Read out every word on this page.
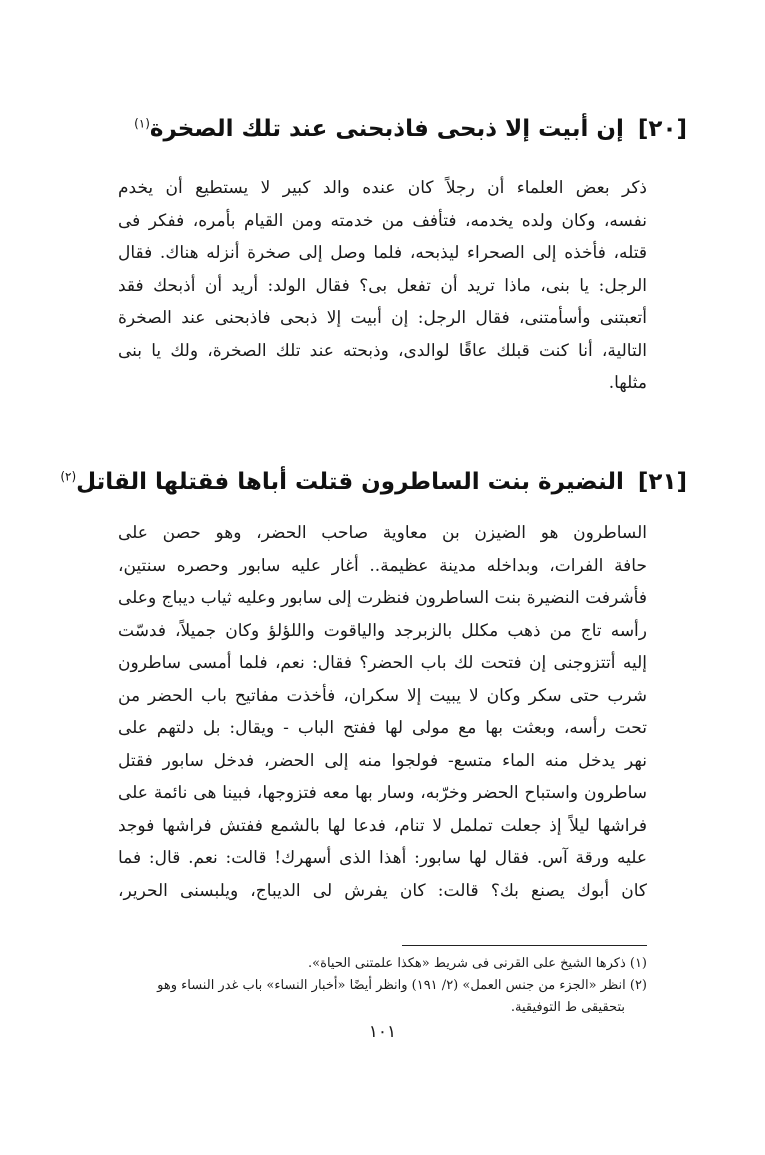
[٢٠] إن أبيت إلا ذبحى فاذبحنى عند تلك الصخرة$^{(١)}$

ذكر بعض العلماء أن رجلاً كان عنده والد كبير لا يستطيع أن يخدم
نفسه، وكان ولده يخدمه، فتأفف من خدمته ومن القيام بأمره، ففكر فى
قتله، فأخذه إلى الصحراء ليذبحه، فلما وصل إلى صخرة أنزله هناك. فقال
الرجل: يا بنى، ماذا تريد أن تفعل بى؟ فقال الولد: أريد أن أذبحك فقد
أتعبتنى وأسأمتنى، فقال الرجل: إن أبيت إلا ذبحى فاذبحنى عند الصخرة
التالية، أنا كنت قبلك عاقًا لوالدى، وذبحته عند تلك الصخرة، ولك يا بنى
مثلها.

[٢١] النضيرة بنت الساطرون قتلت أباها فقتلها القاتل$^{(٢)}$

الساطرون هو الضيزن بن معاوية صاحب الحضر، وهو حصن على
حافة الفرات، وبداخله مدينة عظيمة.. أغار عليه سابور وحصره سنتين،
فأشرفت النضيرة بنت الساطرون فنظرت إلى سابور وعليه ثياب ديباج وعلى
رأسه تاج من ذهب مكلل بالزبرجد والياقوت واللؤلؤ وكان جميلاً، فدسّت
إليه أتتزوجنى إن فتحت لك باب الحضر؟ فقال: نعم، فلما أمسى ساطرون
شرب حتى سكر وكان لا يبيت إلا سكران، فأخذت مفاتيح باب الحضر من
تحت رأسه، وبعثت بها مع مولى لها ففتح الباب - ويقال: بل دلتهم على
نهر يدخل منه الماء متسع- فولجوا منه إلى الحضر، فدخل سابور فقتل
ساطرون واستباح الحضر وخرّبه، وسار بها معه فتزوجها، فبينا هى نائمة على
فراشها ليلاً إذ جعلت تململ لا تنام، فدعا لها بالشمع ففتش فراشها فوجد
عليه ورقة آس. فقال لها سابور: أهذا الذى أسهرك! قالت: نعم. قال: فما
كان أبوك يصنع بك؟ قالت: كان يفرش لى الديباج، ويلبسنى الحرير،

(١) ذكرها الشيخ على القرنى فى شريط «هكذا علمتنى الحياة».
(٢) انظر «الجزء من جنس العمل» (٢/ ١٩١) وانظر أيضًا «أخبار النساء» باب غدر النساء وهو
بتحقيقى ط التوفيقية.

١٠١
